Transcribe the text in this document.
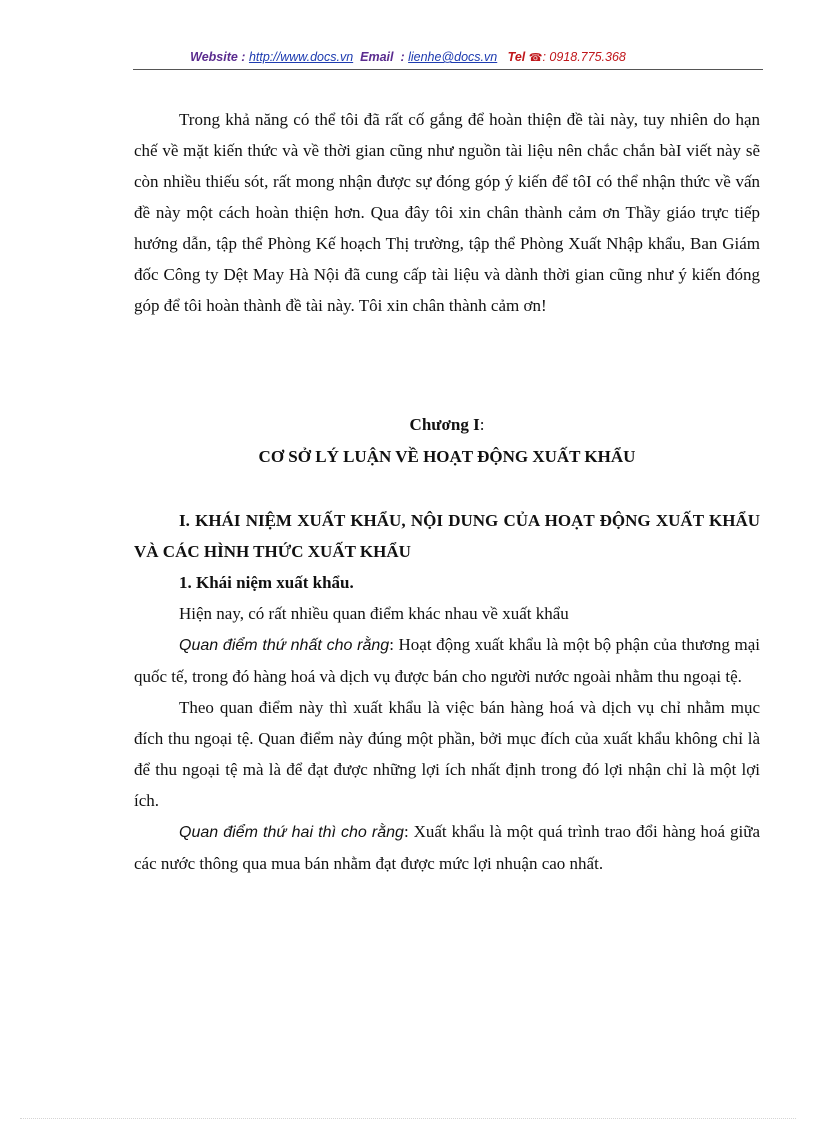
Website : http://www.docs.vn Email : lienhe@docs.vn Tel ☎: 0918.775.368

Trong khả năng có thể tôi đã rất cố gắng để hoàn thiện đề tài này, tuy nhiên do hạn chế về mặt kiến thức và về thời gian cũng như nguồn tài liệu nên chắc chắn bàI viết này sẽ còn nhiều thiếu sót, rất mong nhận được sự đóng góp ý kiến để tôI có thể nhận thức về vấn đề này một cách hoàn thiện hơn. Qua đây tôi xin chân thành cảm ơn Thầy giáo trực tiếp hướng dẫn, tập thể Phòng Kế hoạch Thị trường, tập thể Phòng Xuất Nhập khẩu, Ban Giám đốc Công ty Dệt May Hà Nội đã cung cấp tài liệu và dành thời gian cũng như ý kiến đóng góp để tôi hoàn thành đề tài này. Tôi xin chân thành cảm ơn!

Chương I:

CƠ SỞ LÝ LUẬN VỀ HOẠT ĐỘNG XUẤT KHẨU

I. KHÁI NIỆM XUẤT KHẨU, NỘI DUNG CỦA HOẠT ĐỘNG XUẤT KHẨU VÀ CÁC HÌNH THỨC XUẤT KHẨU

1. Khái niệm xuất khẩu.

Hiện nay, có rất nhiều quan điểm khác nhau về xuất khẩu

Quan điểm thứ nhất cho rằng: Hoạt động xuất khẩu là một bộ phận của thương mại quốc tế, trong đó hàng hoá và dịch vụ được bán cho người nước ngoài nhằm thu ngoại tệ.

Theo quan điểm này thì xuất khẩu là việc bán hàng hoá và dịch vụ chỉ nhằm mục đích thu ngoại tệ. Quan điểm này đúng một phần, bởi mục đích của xuất khẩu không chỉ là để thu ngoại tệ mà là để đạt được những lợi ích nhất định trong đó lợi nhận chỉ là một lợi ích.

Quan điểm thứ hai thì cho rằng: Xuất khẩu là một quá trình trao đổi hàng hoá giữa các nước thông qua mua bán nhằm đạt được mức lợi nhuận cao nhất.
